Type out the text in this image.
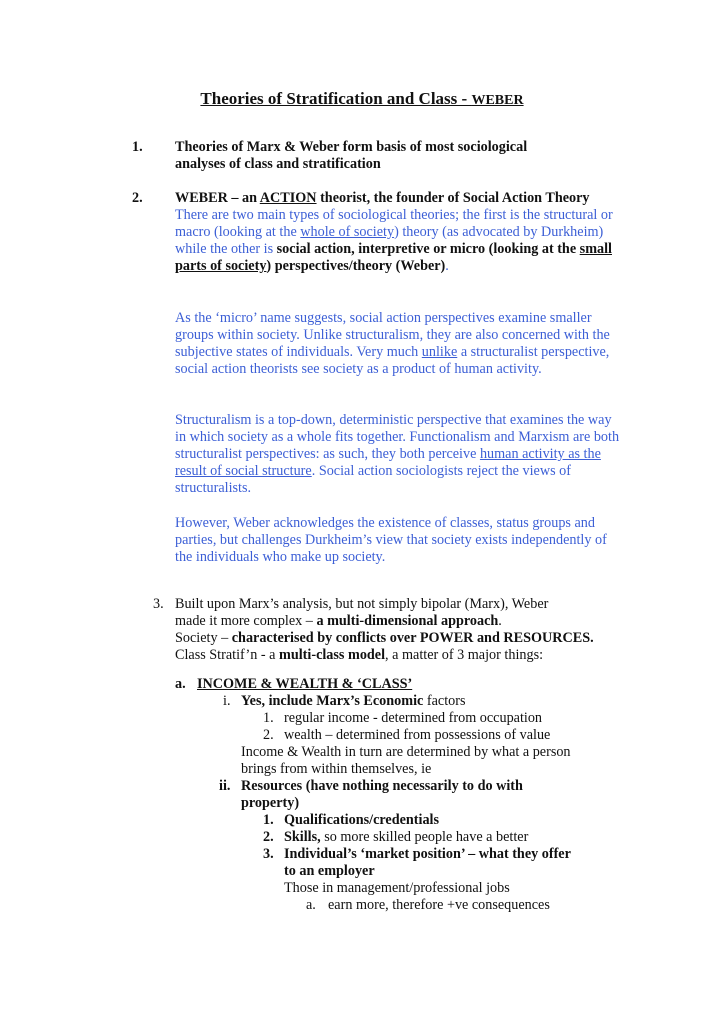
Theories of Stratification and Class - WEBER
1. Theories of Marx & Weber form basis of most sociological

analyses of class and stratification

2. WEBER – an ACTION theorist, the founder of Social Action Theory
There are two main types of sociological theories; the first is the structural or macro (looking at the whole of society) theory (as advocated by Durkheim) while the other is social action, interpretive or micro (looking at the small parts of society) perspectives/theory (Weber).
As the ‘micro’ name suggests, social action perspectives examine smaller groups within society. Unlike structuralism, they are also concerned with the subjective states of individuals. Very much unlike a structuralist perspective, social action theorists see society as a product of human activity.
Structuralism is a top-down, deterministic perspective that examines the way in which society as a whole fits together. Functionalism and Marxism are both structuralist perspectives: as such, they both perceive human activity as the result of social structure. Social action sociologists reject the views of structuralists.
However, Weber acknowledges the existence of classes, status groups and parties, but challenges Durkheim’s view that society exists independently of the individuals who make up society.
3. Built upon Marx’s analysis, but not simply bipolar (Marx), Weber

made it more complex – a multi-dimensional approach.

Society – characterised by conflicts over POWER and RESOURCES.

Class Stratif’n - a multi-class model, a matter of 3 major things:

a. INCOME & WEALTH & ‘CLASS’
i. Yes, include Marx’s Economic factors
1. regular income - determined from occupation
2. wealth – determined from possessions of value

Income & Wealth in turn are determined by what a person

brings from within themselves, ie

ii. Resources (have nothing necessarily to do with

property)

1. Qualifications/credentials
2. Skills, so more skilled people have a better
3. Individual’s ‘market position’ – what they offer

to an employer

Those in management/professional jobs
a. earn more, therefore +ve consequences
